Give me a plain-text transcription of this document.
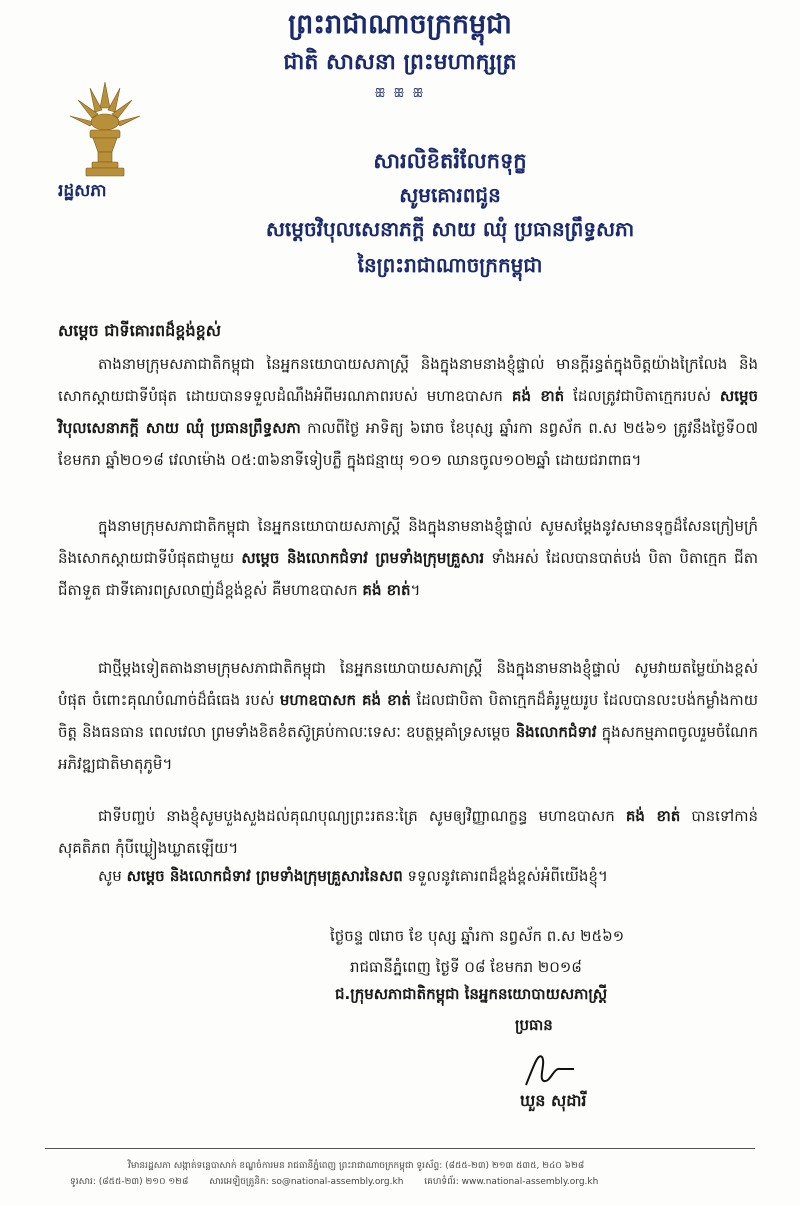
ព្រះរាជាណាចក្រកម្ពុជា
ជាតិ សាសនា ព្រះមហាក្សត្រ
ꕥ ꕥ ꕥ
រដ្ឋសភា
សារលិខិតរំលែកទុក្ខ
សូមគោរពជូន
សម្តេចវិបុលសេនាភក្តី សាយ ឈុំ ប្រធានព្រឹទ្ធសភា
នៃព្រះរាជាណាចក្រកម្ពុជា
សម្តេច ជាទីគោរពដ៏ខ្ពង់ខ្ពស់
តាងនាមក្រុមសភាជាតិកម្ពុជា នៃអ្នកនយោបាយសភាស្ត្រី និងក្នុងនាមនាងខ្ញុំផ្ទាល់ មានក្តីរន្ធត់ក្នុងចិត្តយ៉ាងក្រៃលែង និងសោកស្តាយជាទីបំផុត ដោយបានទទួលដំណឹងអំពីមរណភាពរបស់ មហាឧបាសក គង់ ខាត់ ដែលត្រូវជាបិតាក្មេករបស់ សម្តេចវិបុលសេនាភក្តី សាយ ឈុំ ប្រធានព្រឹទ្ធសភា កាលពីថ្ងៃ អាទិត្យ ៦រោច ខែបុស្ស ឆ្នាំរកា នព្វស័ក ព.ស ២៥៦១ ត្រូវនឹងថ្ងៃទី០៧ ខែមករា ឆ្នាំ២០១៨ វេលាម៉ោង ០៥:៣៦នាទីទៀបភ្លឺ ក្នុងជន្មាយុ ១០១ ឈានចូល១០២ឆ្នាំ ដោយជរាពាធ។
ក្នុងនាមក្រុមសភាជាតិកម្ពុជា នៃអ្នកនយោបាយសភាស្ត្រី និងក្នុងនាមនាងខ្ញុំផ្ទាល់ សូមសម្តែងនូវសមានទុក្ខដ៏សែនក្រៀមក្រំ និងសោកស្តាយជាទីបំផុតជាមួយ សម្តេច និងលោកជំទាវ ព្រមទាំងក្រុមគ្រួសារ ទាំងអស់ ដែលបានបាត់បង់ បិតា បិតាក្មេក ជីតា ជីតាទួត ជាទីគោរពស្រលាញ់ដ៏ខ្ពង់ខ្ពស់ គឺមហាឧបាសក គង់ ខាត់។
ជាថ្មីម្តងទៀតតាងនាមក្រុមសភាជាតិកម្ពុជា នៃអ្នកនយោបាយសភាស្ត្រី និងក្នុងនាមនាងខ្ញុំផ្ទាល់ សូមវាយតម្លៃយ៉ាងខ្ពស់បំផុត ចំពោះគុណបំណាច់ដ៏ធំធេង របស់ មហាឧបាសក គង់ ខាត់ ដែលជាបិតា បិតាក្មេកដ៏គំរូមួយរូប ដែលបានលះបង់កម្លាំងកាយចិត្ត និងធនធាន ពេលវេលា ព្រមទាំងខិតខំតស៊ូគ្រប់កាលៈទេសៈ ឧបត្ថម្ភគាំទ្រសម្តេច និងលោកជំទាវ ក្នុងសកម្មភាពចូលរួមចំណែកអភិវឌ្ឍជាតិមាតុភូមិ។
ជាទីបញ្ចប់ នាងខ្ញុំសូមបួងសួងដល់គុណបុណ្យព្រះរតនៈត្រៃ សូមឲ្យវិញ្ញាណក្ខន្ធ មហាឧបាសក គង់ ខាត់ បានទៅកាន់សុគតិភព កុំបីឃ្លៀងឃ្លាតឡើយ។
សូម សម្តេច និងលោកជំទាវ ព្រមទាំងក្រុមគ្រួសារនៃសព ទទួលនូវគោរពដ៏ខ្ពង់ខ្ពស់អំពីយើងខ្ញុំ។
ថ្ងៃចន្ទ ៧រោច ខែ បុស្ស ឆ្នាំរកា នព្វស័ក ព.ស ២៥៦១
រាជធានីភ្នំពេញ ថ្ងៃទី ០៨ ខែមករា ២០១៨
ជ.ក្រុមសភាជាតិកម្ពុជា នៃអ្នកនយោបាយសភាស្ត្រី
ប្រធាន
ឃួន សុដារី
វិមានរដ្ឋសភា សង្កាត់ទន្លេបាសាក់ ខណ្ឌចំការមន រាជធានីភ្នំពេញ ព្រះរាជាណាចក្រកម្ពុជា ទូរស័ព្ទ: (៨៥៥-២៣) ២១៣ ៥៣៥, ២៤០ ៦២៨
ទូរសារ: (៨៥៥-២៣) ២១០ ១២៨ សារអេឡិចត្រូនិក: so@national-assembly.org.kh គេហទំព័រ: www.national-assembly.org.kh
